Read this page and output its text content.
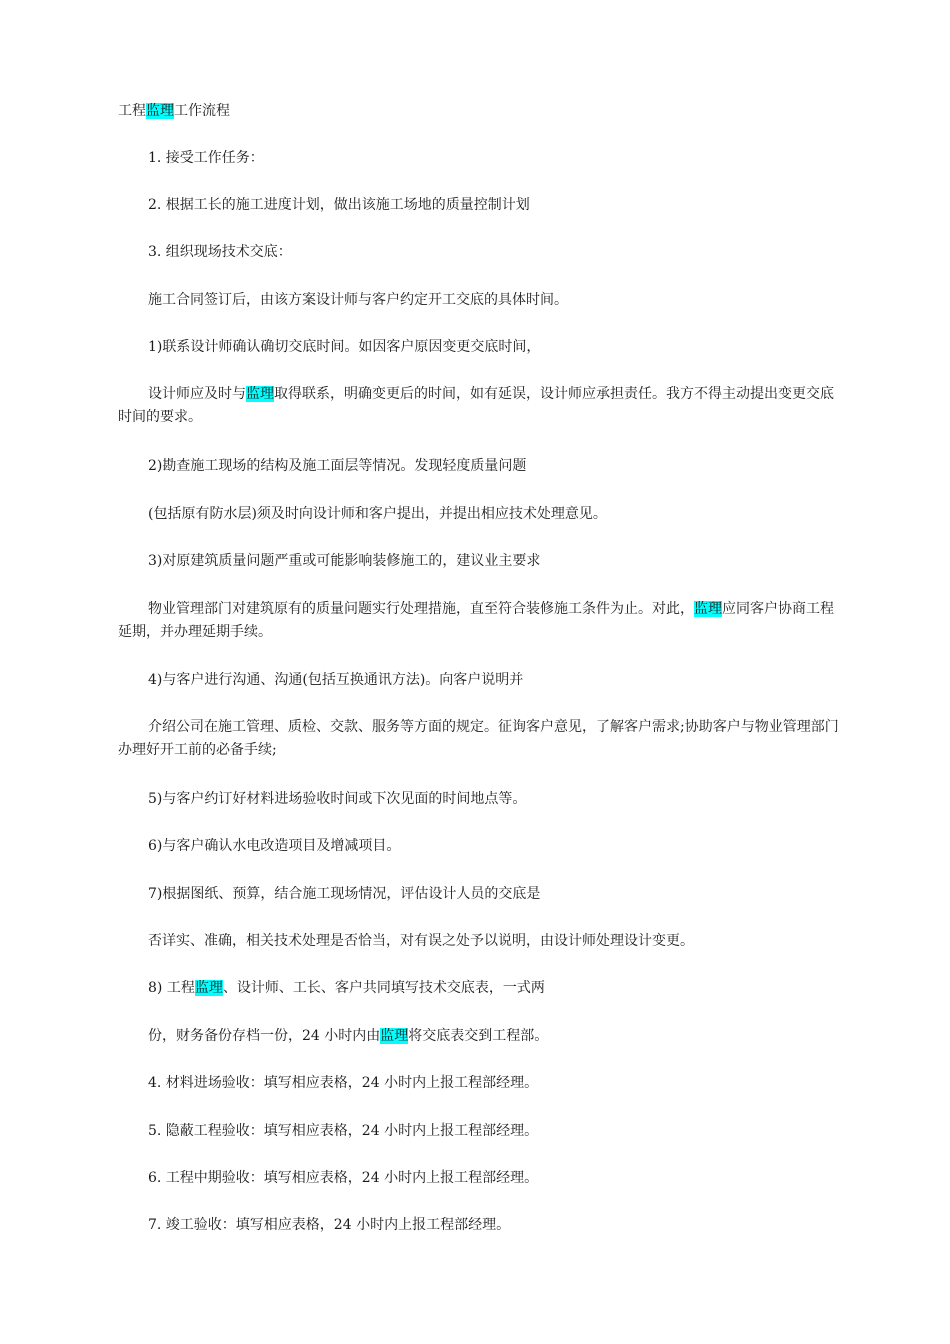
工程监理工作流程
1. 接受工作任务：
2. 根据工长的施工进度计划，做出该施工场地的质量控制计划
3. 组织现场技术交底：
施工合同签订后，由该方案设计师与客户约定开工交底的具体时间。
1)联系设计师确认确切交底时间。如因客户原因变更交底时间，
设计师应及时与监理取得联系，明确变更后的时间，如有延误，设计师应承担责任。我方不得主动提出变更交底时间的要求。
2)勘查施工现场的结构及施工面层等情况。发现轻度质量问题
(包括原有防水层)须及时向设计师和客户提出，并提出相应技术处理意见。
3)对原建筑质量问题严重或可能影响装修施工的，建议业主要求
物业管理部门对建筑原有的质量问题实行处理措施，直至符合装修施工条件为止。对此，监理应同客户协商工程延期，并办理延期手续。
4)与客户进行沟通、沟通(包括互换通讯方法)。向客户说明并
介绍公司在施工管理、质检、交款、服务等方面的规定。征询客户意见，了解客户需求;协助客户与物业管理部门办理好开工前的必备手续;
5)与客户约订好材料进场验收时间或下次见面的时间地点等。
6)与客户确认水电改造项目及增减项目。
7)根据图纸、预算，结合施工现场情况，评估设计人员的交底是
否详实、准确，相关技术处理是否恰当，对有误之处予以说明，由设计师处理设计变更。
8) 工程监理、设计师、工长、客户共同填写技术交底表，一式两
份，财务备份存档一份，24 小时内由监理将交底表交到工程部。
4. 材料进场验收：填写相应表格，24 小时内上报工程部经理。
5. 隐蔽工程验收：填写相应表格，24 小时内上报工程部经理。
6. 工程中期验收：填写相应表格，24 小时内上报工程部经理。
7. 竣工验收：填写相应表格，24 小时内上报工程部经理。
